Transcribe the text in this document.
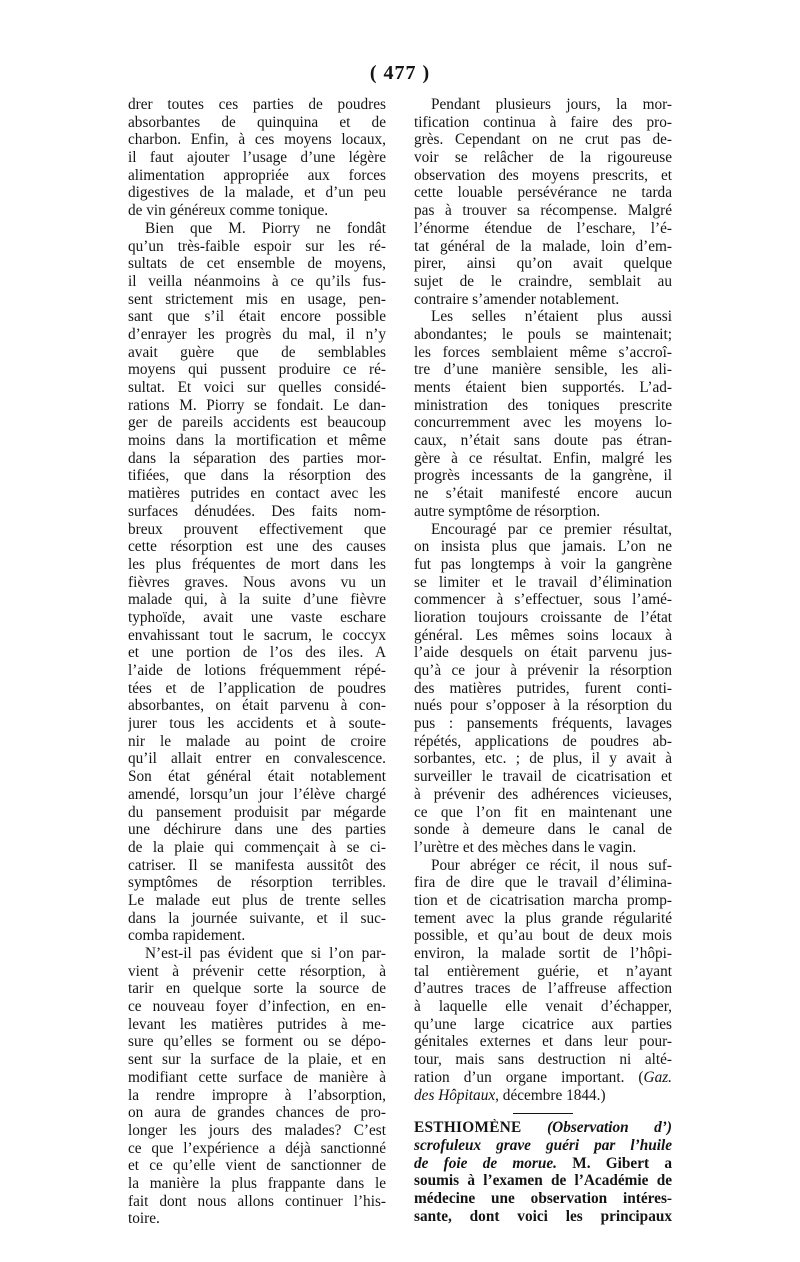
( 477 )
drer toutes ces parties de poudres
absorbantes de quinquina et de
charbon. Enfin, à ces moyens locaux,
il faut ajouter l’usage d’une légère
alimentation appropriée aux forces
digestives de la malade, et d’un peu
de vin généreux comme tonique.
Bien que M. Piorry ne fondât
qu’un très-faible espoir sur les ré-
sultats de cet ensemble de moyens,
il veilla néanmoins à ce qu’ils fus-
sent strictement mis en usage, pen-
sant que s’il était encore possible
d’enrayer les progrès du mal, il n’y
avait guère que de semblables
moyens qui pussent produire ce ré-
sultat. Et voici sur quelles considé-
rations M. Piorry se fondait. Le dan-
ger de pareils accidents est beaucoup
moins dans la mortification et même
dans la séparation des parties mor-
tifiées, que dans la résorption des
matières putrides en contact avec les
surfaces dénudées. Des faits nom-
breux prouvent effectivement que
cette résorption est une des causes
les plus fréquentes de mort dans les
fièvres graves. Nous avons vu un
malade qui, à la suite d’une fièvre
typhoïde, avait une vaste eschare
envahissant tout le sacrum, le coccyx
et une portion de l’os des iles. A
l’aide de lotions fréquemment répé-
tées et de l’application de poudres
absorbantes, on était parvenu à con-
jurer tous les accidents et à soute-
nir le malade au point de croire
qu’il allait entrer en convalescence.
Son état général était notablement
amendé, lorsqu’un jour l’élève chargé
du pansement produisit par mégarde
une déchirure dans une des parties
de la plaie qui commençait à se ci-
catriser. Il se manifesta aussitôt des
symptômes de résorption terribles.
Le malade eut plus de trente selles
dans la journée suivante, et il suc-
comba rapidement.
N’est-il pas évident que si l’on par-
vient à prévenir cette résorption, à
tarir en quelque sorte la source de
ce nouveau foyer d’infection, en en-
levant les matières putrides à me-
sure qu’elles se forment ou se dépo-
sent sur la surface de la plaie, et en
modifiant cette surface de manière à
la rendre impropre à l’absorption,
on aura de grandes chances de pro-
longer les jours des malades? C’est
ce que l’expérience a déjà sanctionné
et ce qu’elle vient de sanctionner de
la manière la plus frappante dans le
fait dont nous allons continuer l’his-
toire.
Pendant plusieurs jours, la mor-
tification continua à faire des pro-
grès. Cependant on ne crut pas de-
voir se relâcher de la rigoureuse
observation des moyens prescrits, et
cette louable persévérance ne tarda
pas à trouver sa récompense. Malgré
l’énorme étendue de l’eschare, l’é-
tat général de la malade, loin d’em-
pirer, ainsi qu’on avait quelque
sujet de le craindre, semblait au
contraire s’amender notablement.
Les selles n’étaient plus aussi
abondantes; le pouls se maintenait;
les forces semblaient même s’accroî-
tre d’une manière sensible, les ali-
ments étaient bien supportés. L’ad-
ministration des toniques prescrite
concurremment avec les moyens lo-
caux, n’était sans doute pas étran-
gère à ce résultat. Enfin, malgré les
progrès incessants de la gangrène, il
ne s’était manifesté encore aucun
autre symptôme de résorption.
Encouragé par ce premier résultat,
on insista plus que jamais. L’on ne
fut pas longtemps à voir la gangrène
se limiter et le travail d’élimination
commencer à s’effectuer, sous l’amé-
lioration toujours croissante de l’état
général. Les mêmes soins locaux à
l’aide desquels on était parvenu jus-
qu’à ce jour à prévenir la résorption
des matières putrides, furent conti-
nués pour s’opposer à la résorption du
pus : pansements fréquents, lavages
répétés, applications de poudres ab-
sorbantes, etc. ; de plus, il y avait à
surveiller le travail de cicatrisation et
à prévenir des adhérences vicieuses,
ce que l’on fit en maintenant une
sonde à demeure dans le canal de
l’urètre et des mèches dans le vagin.
Pour abréger ce récit, il nous suf-
fira de dire que le travail d’élimina-
tion et de cicatrisation marcha promp-
tement avec la plus grande régularité
possible, et qu’au bout de deux mois
environ, la malade sortit de l’hôpi-
tal entièrement guérie, et n’ayant
d’autres traces de l’affreuse affection
à laquelle elle venait d’échapper,
qu’une large cicatrice aux parties
génitales externes et dans leur pour-
tour, mais sans destruction ni alté-
ration d’un organe important. (Gaz.
des Hôpitaux, décembre 1844.)
ESTHIOMÈNE (Observation d’)
scrofuleux grave guéri par l’huile
de foie de morue. M. Gibert a
soumis à l’examen de l’Académie de
médecine une observation intéres-
sante, dont voici les principaux
